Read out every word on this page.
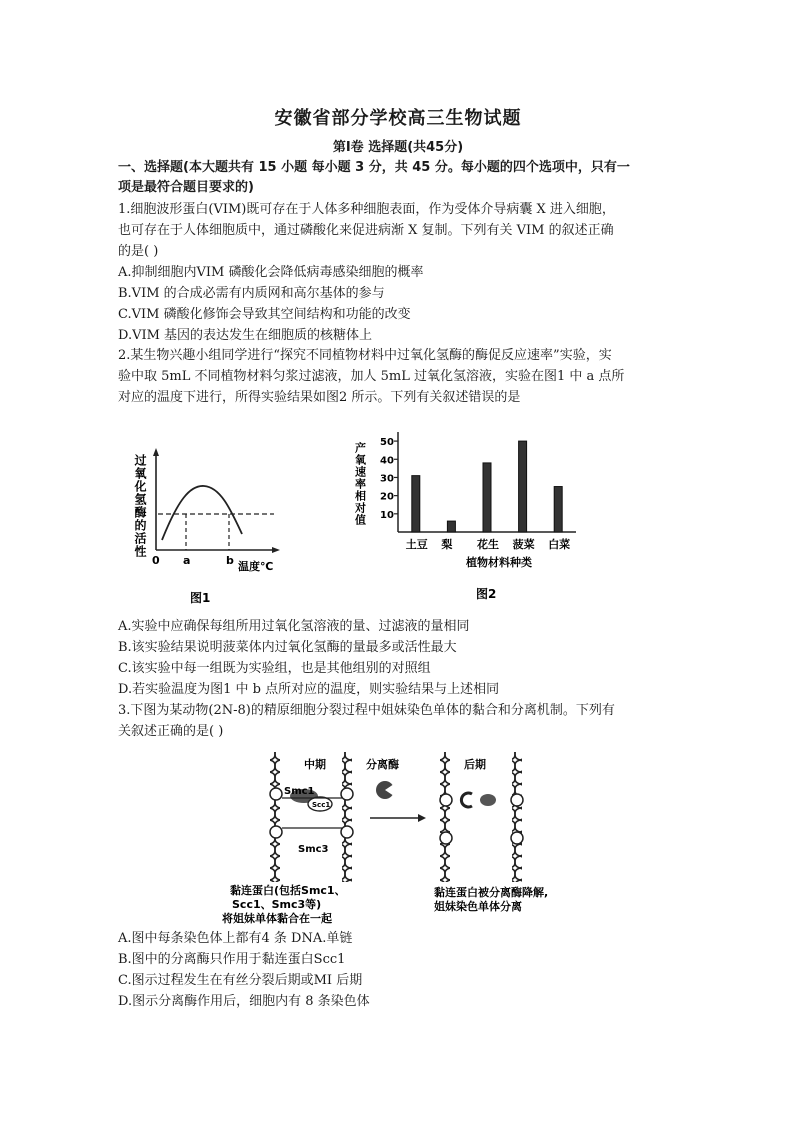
安徽省部分学校高三生物试题
第Ⅰ卷 选择题(共45分)
一、选择题(本大题共有 15 小题 每小题 3 分，共 45 分。每小题的四个选项中，只有一
项是最符合题目要求的)
1.细胞波形蛋白(VIM)既可存在于人体多种细胞表面，作为受体介导病囊 X 进入细胞，
也可存在于人体细胞质中，通过磷酸化来促进病渐 X 复制。下列有关 VIM 的叙述正确
的是( )
A.抑制细胞内VIM 磷酸化会降低病毒感染细胞的概率
B.VIM 的合成必需有内质网和高尔基体的参与
C.VIM 磷酸化修饰会导致其空间结构和功能的改变
D.VIM 基因的表达发生在细胞质的核糖体上
2.某生物兴趣小组同学进行“探究不同植物材料中过氧化氢酶的酶促反应速率”实验，实
验中取 5mL 不同植物材料匀浆过滤液，加人 5mL 过氧化氢溶液，实验在图1 中 a 点所
对应的温度下进行，所得实验结果如图2 所示。下列有关叙述错误的是
过氧化氢酶的活性
0 a	b 温度℃
图1
产氧速率相对值 10
20
30
40
50
土豆 梨 花生 菠菜 白菜
植物材料种类
图2
A.实验中应确保每组所用过氧化氢溶液的量、过滤液的量相同
B.该实验结果说明菠菜体内过氧化氢酶的量最多或活性最大
C.该实验中每一组既为实验组，也是其他组别的对照组
D.若实验温度为图1 中 b 点所对应的温度，则实验结果与上述相同
3.下图为某动物(2N-8)的精原细胞分裂过程中姐妹染色单体的黏合和分离机制。下列有
关叙述正确的是( )
中期
Smc1
Scc1
Smc3
分离酶	后期
黏连蛋白(包括Smc1、
Scc1、Smc3等)
将姐妹单体黏合在一起
黏连蛋白被分离酶降解,
姐妹染色单体分离
A.图中每条染色体上都有4 条 DNA.单链
B.图中的分离酶只作用于黏连蛋白Scc1
C.图示过程发生在有丝分裂后期或MI 后期
D.图示分离酶作用后，细胞内有 8 条染色体
